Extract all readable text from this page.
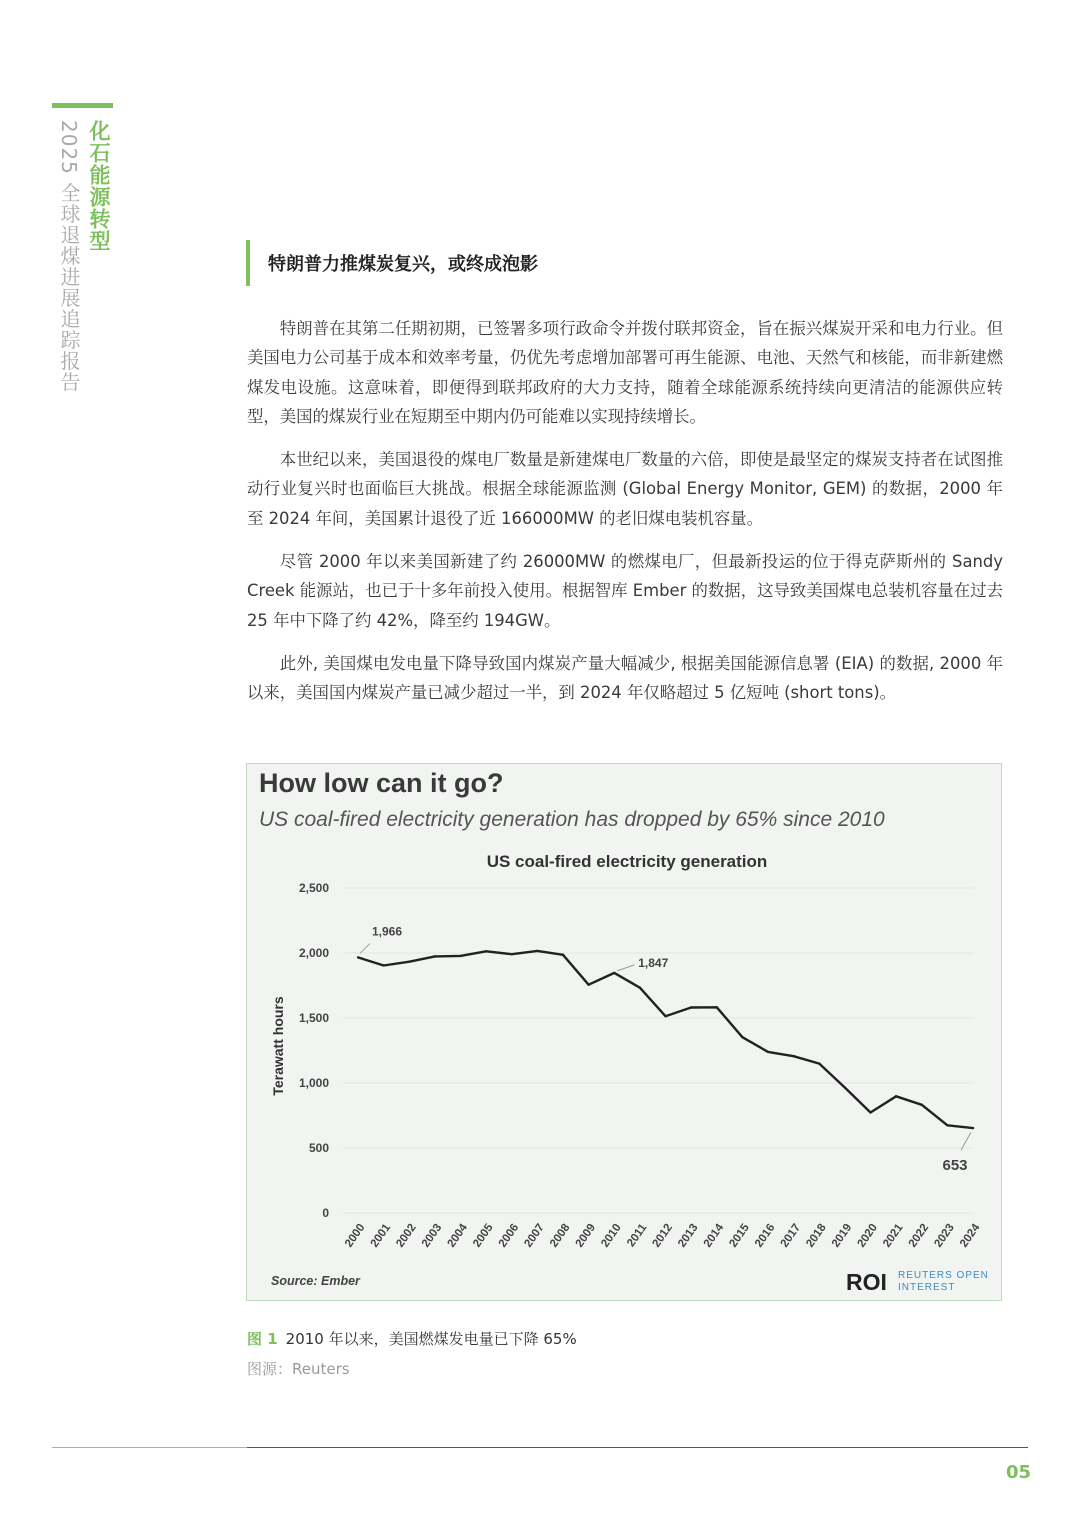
化石能源转型
2025 全球退煤进展追踪报告	特朗普力推煤炭复兴，或终成泡影

特朗普在其第二任期初期，已签署多项行政命令并拨付联邦资金，旨在振兴煤炭开采和电力行业。但美国电力公司基于成本和效率考量，仍优先考虑增加部署可再生能源、电池、天然气和核能，而非新建燃煤发电设施。这意味着，即便得到联邦政府的大力支持，随着全球能源系统持续向更清洁的能源供应转型，美国的煤炭行业在短期至中期内仍可能难以实现持续增长。

本世纪以来，美国退役的煤电厂数量是新建煤电厂数量的六倍，即使是最坚定的煤炭支持者在试图推动行业复兴时也面临巨大挑战。根据全球能源监测 (Global Energy Monitor, GEM) 的数据，2000 年至 2024 年间，美国累计退役了近 166000MW 的老旧煤电装机容量。

尽管 2000 年以来美国新建了约 26000MW 的燃煤电厂，但最新投运的位于得克萨斯州的 Sandy Creek 能源站，也已于十多年前投入使用。根据智库 Ember 的数据，这导致美国煤电总装机容量在过去 25 年中下降了约 42%，降至约 194GW。

此外, 美国煤电发电量下降导致国内煤炭产量大幅减少, 根据美国能源信息署 (EIA) 的数据, 2000 年以来，美国国内煤炭产量已减少超过一半，到 2024 年仅略超过 5 亿短吨 (short tons)。

How low can it go?
US coal-fired electricity generation has dropped by 65% since 2010
US coal-fired electricity generation
Terawatt hours
0
500
1,000
1,500
2,000
2,500
2000 2001 2002 2003 2004 2005 2006 2007 2008 2009 2010 2011 2012 2013 2014 2015 2016 2017 2018 2019 2020 2021 2022 2023 2024
1,966
1,847
653
Source: Ember	ROI REUTERS OPEN
INTEREST
图 1 2010 年以来，美国燃煤发电量已下降 65%
图源：Reuters
05
